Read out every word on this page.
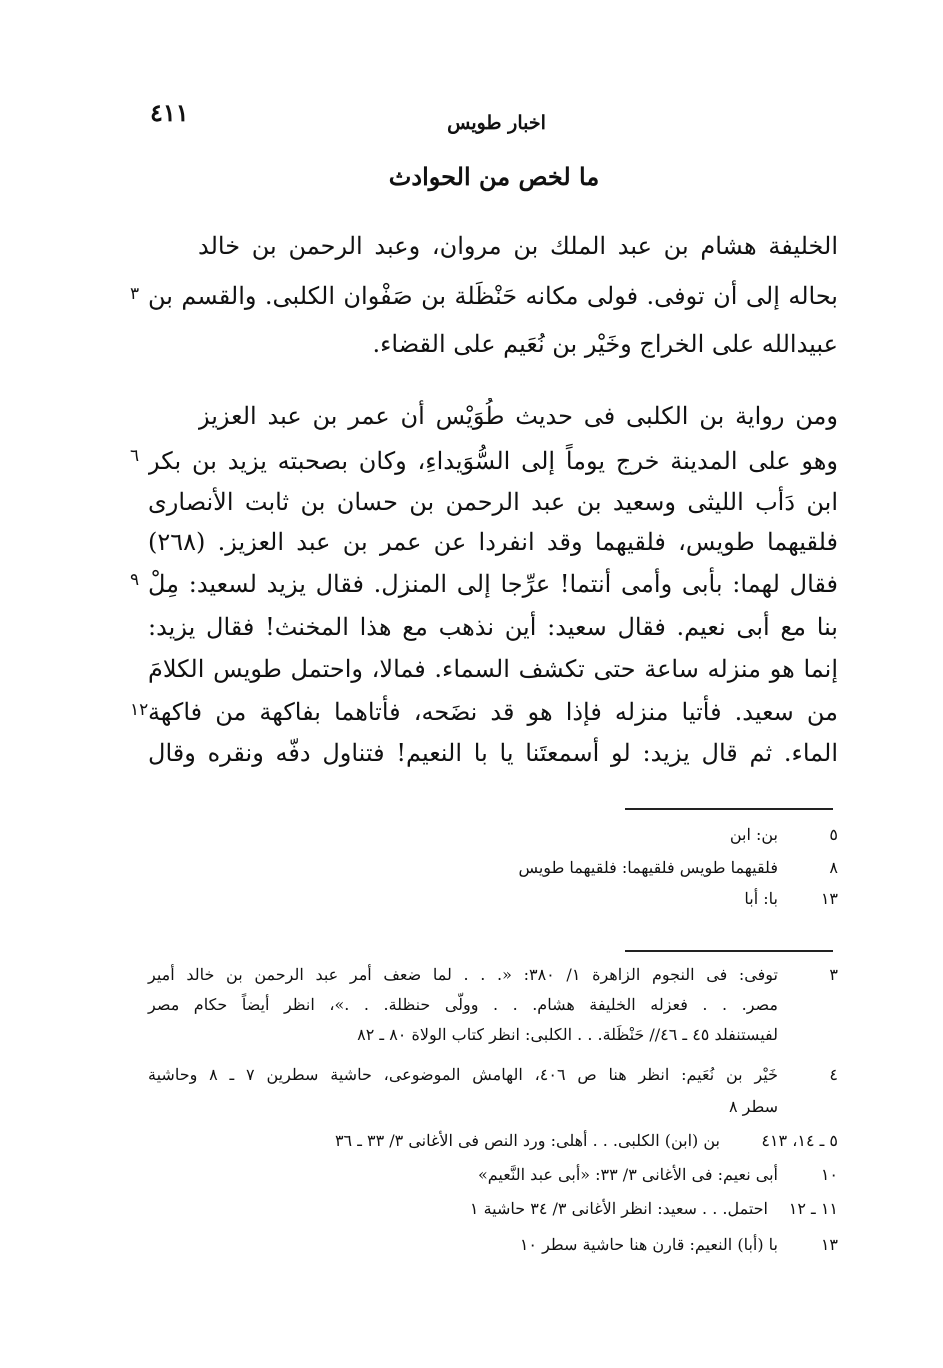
٤١١	اخبار طويس
ما لخص من الحوادث
الخليفة هشام بن عبد الملك بن مروان، وعبد الرحمن بن خالد
بحاله إلى أن توفى. فولى مكانه حَنْظَلة بن صَفْوان الكلبى. والقسم بن
٣
عبيدالله على الخراج وخَيْر بن نُعَيم على القضاء.
ومن رواية بن الكلبى فى حديث طُوَيْس أن عمر بن عبد العزيز
وهو على المدينة خرج يوماً إلى السُّوَيداءِ، وكان بصحبته يزيد بن بكر
٦
ابن دَأب الليثى وسعيد بن عبد الرحمن بن حسان بن ثابت الأنصارى
فلقيهما طويس، فلقيهما وقد انفردا عن عمر بن عبد العزيز. (٢٦٨)
فقال لهما: بأبى وأمى أنتما! عرِّجا إلى المنزل. فقال يزيد لسعيد: مِلْ
٩
بنا مع أبى نعيم. فقال سعيد: أين نذهب مع هذا المخنث! فقال يزيد:
إنما هو منزله ساعة حتى تكشف السماء. فمالا، واحتمل طويس الكلامَ
من سعيد. فأتيا منزله فإذا هو قد نضَحه، فأتاهما بفاكهة من فاكهة
١٢
الماء. ثم قال يزيد: لو أسمعتَنا يا با النعيم! فتناول دفّه ونقره وقال
٥
بن: ابن
٨
فلقيهما طويس فلقيهما: فلقيهما طويس
١٣
با: أبا
٣
توفى: فى النجوم الزاهرة ١/ ٣٨٠: «. . . لما ضعف أمر عبد الرحمن بن خالد أمير
مصر. . . فعزله الخليفة هشام. . . وولّى حنظلة. . .»، انظر أيضاً حكام مصر
لفيستنفلد ٤٥ ـ ٤٦// حَنْظَلة. . . الكلبى: انظر كتاب الولاة ٨٠ ـ ٨٢
٤
خَيْر بن نُعَيم: انظر هنا ص ٤٠٦، الهامش الموضوعى، حاشية سطرين ٧ ـ ٨ وحاشية
سطر ٨
٥ ـ ١٤، ٤١٣
بن (ابن) الكلبى. . . أهلى: ورد النص فى الأغانى ٣/ ٣٣ ـ ٣٦
١٠
أبى نعيم: فى الأغانى ٣/ ٣٣: «أبى عبد النَّعيم»
١١ ـ ١٢
احتمل. . . سعيد: انظر الأغانى ٣/ ٣٤ حاشية ١
١٣
با (أبا) النعيم: قارن هنا حاشية سطر ١٠
